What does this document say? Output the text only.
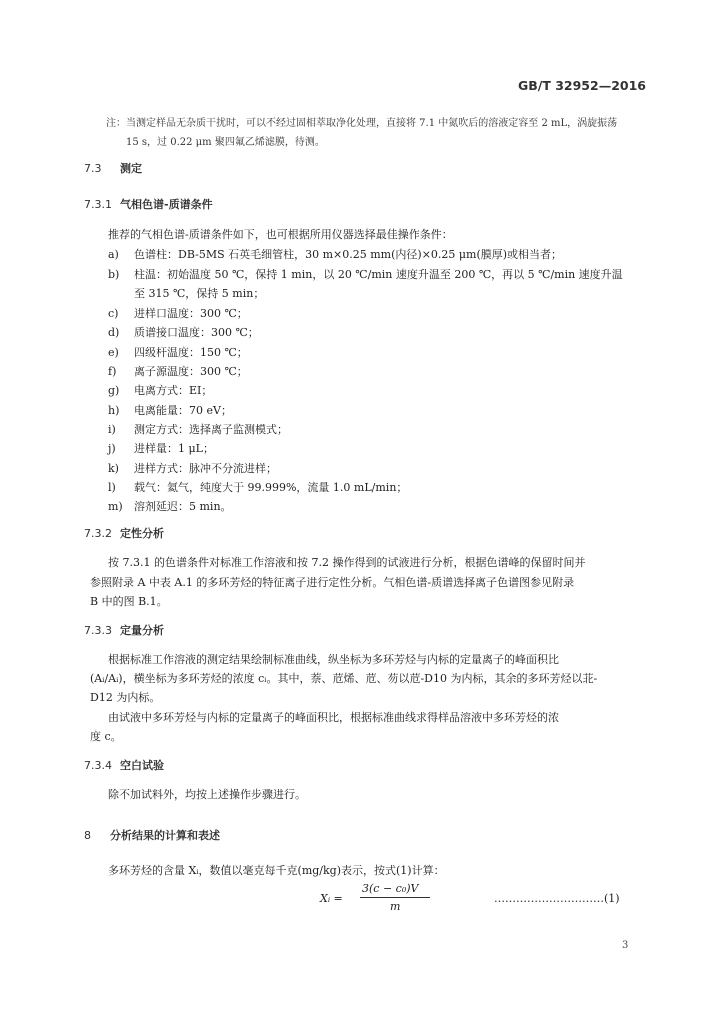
GB/T 32952—2016
注：当测定样品无杂质干扰时，可以不经过固相萃取净化处理，直接将 7.1 中氮吹后的溶液定容至 2 mL，涡旋振荡
15 s，过 0.22 μm 聚四氟乙烯滤膜，待测。
7.3 测定
7.3.1 气相色谱-质谱条件
推荐的气相色谱-质谱条件如下，也可根据所用仪器选择最佳操作条件：
a) 色谱柱：DB-5MS 石英毛细管柱，30 m×0.25 mm(内径)×0.25 μm(膜厚)或相当者；
b) 柱温：初始温度 50 ℃，保持 1 min，以 20 ℃/min 速度升温至 200 ℃，再以 5 ℃/min 速度升温
至 315 ℃，保持 5 min；
c) 进样口温度：300 ℃；
d) 质谱接口温度：300 ℃；
e) 四级杆温度：150 ℃；
f) 离子源温度：300 ℃；
g) 电离方式：EI；
h) 电离能量：70 eV；
i) 测定方式：选择离子监测模式；
j) 进样量：1 μL；
k) 进样方式：脉冲不分流进样；
l) 载气：氦气，纯度大于 99.999%，流量 1.0 mL/min；
m) 溶剂延迟：5 min。
7.3.2 定性分析
按 7.3.1 的色谱条件对标准工作溶液和按 7.2 操作得到的试液进行分析，根据色谱峰的保留时间并
参照附录 A 中表 A.1 的多环芳烃的特征离子进行定性分析。气相色谱-质谱选择离子色谱图参见附录
B 中的图 B.1。
7.3.3 定量分析
根据标准工作溶液的测定结果绘制标准曲线，纵坐标为多环芳烃与内标的定量离子的峰面积比
(Aᵢ/Aᵢ)，横坐标为多环芳烃的浓度 cᵢ。其中，萘、苊烯、苊、芴以苊-D10 为内标，其余的多环芳烃以苝-
D12 为内标。
由试液中多环芳烃与内标的定量离子的峰面积比，根据标准曲线求得样品溶液中多环芳烃的浓
度 c。
7.3.4 空白试验
除不加试料外，均按上述操作步骤进行。
8 分析结果的计算和表述
多环芳烃的含量 Xᵢ，数值以毫克每千克(mg/kg)表示，按式(1)计算：
Xᵢ =
3(c − c₀)V
m
…………………………(1)
3
